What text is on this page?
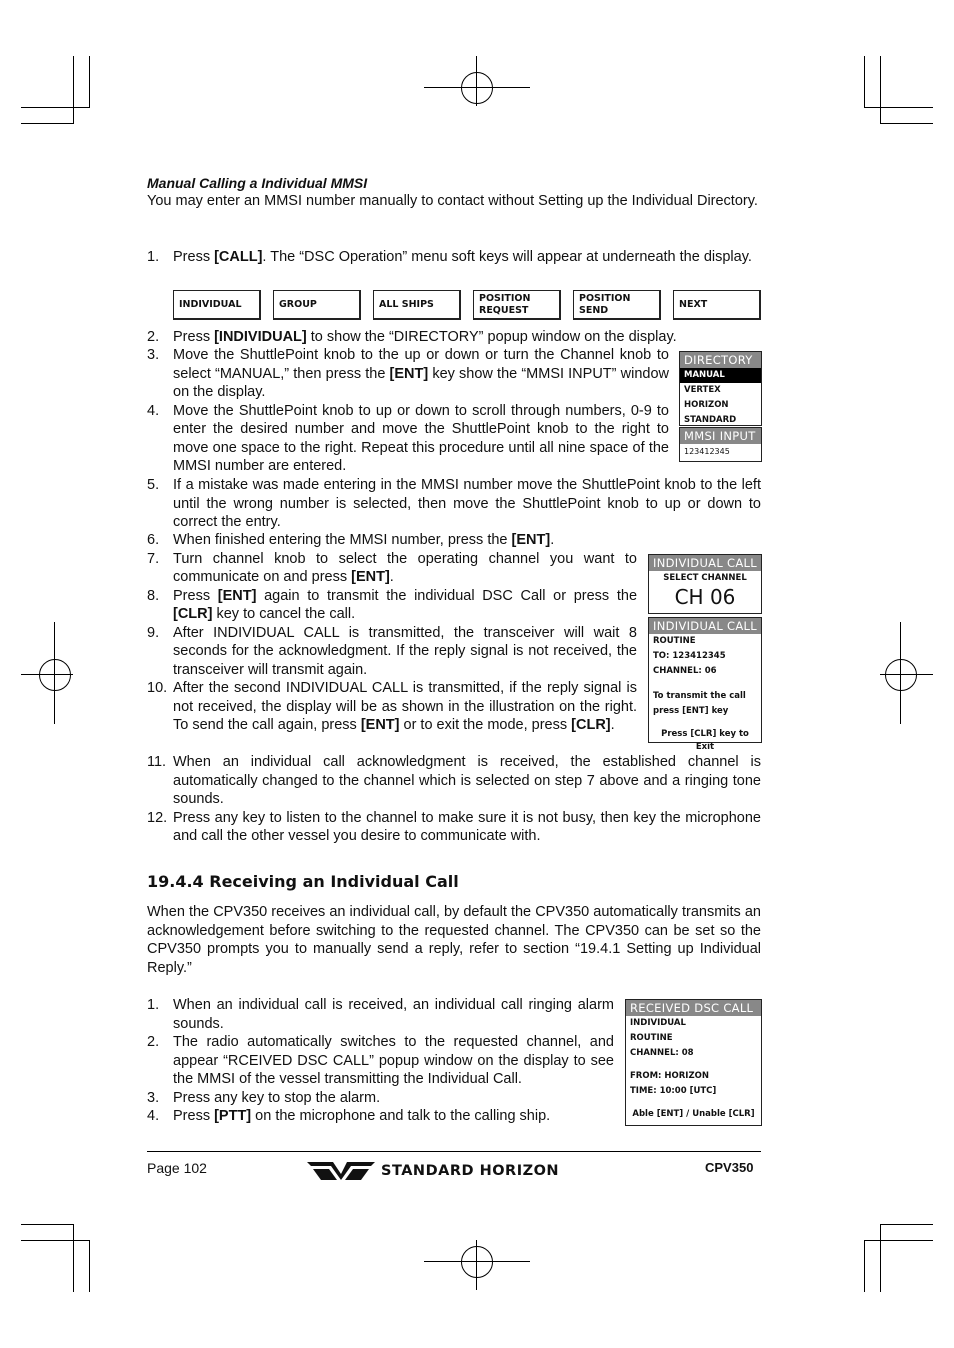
Manual Calling a Individual MMSI
You may enter an MMSI number manually to contact without Setting up the Individual Directory.
1. Press [CALL]. The “DSC Operation” menu soft keys will appear at underneath the display.
INDIVIDUAL	GROUP	ALL SHIPS
POSITION
REQUEST
POSITION
SEND
NEXT
2. Press [INDIVIDUAL] to show the “DIRECTORY” popup window on the display.
3. Move the ShuttlePoint knob to the up or down or turn the Channel knob to select “MANUAL,” then press the [ENT] key show the “MMSI INPUT” window on the display.
4. Move the ShuttlePoint knob to up or down to scroll through numbers, 0-9 to enter the desired number and move the ShuttlePoint knob to the right to move one space to the right. Repeat this procedure until all nine space of the MMSI number are entered.
5. If a mistake was made entering in the MMSI number move the ShuttlePoint knob to the left until the wrong number is selected, then move the ShuttlePoint knob to up or down to correct the entry.
6. When finished entering the MMSI number, press the [ENT].
7. Turn channel knob to select the operating channel you want to communicate on and press [ENT].
8. Press [ENT] again to transmit the individual DSC Call or press the [CLR] key to cancel the call.
9. After INDIVIDUAL CALL is transmitted, the transceiver will wait 8 seconds for the acknowledgment. If the reply signal is not received, the transceiver will transmit again.
10. After the second INDIVIDUAL CALL is transmitted, if the reply signal is not received, the display will be as shown in the illustration on the right. To send the call again, press [ENT] or to exit the mode, press [CLR].
11. When an individual call acknowledgment is received, the established channel is automatically changed to the channel which is selected on step 7 above and a ringing tone sounds.
12. Press any key to listen to the channel to make sure it is not busy, then key the microphone and call the other vessel you desire to communicate with.
DIRECTORY
MANUAL
VERTEX
HORIZON
STANDARD
MMSI INPUT
123412345
INDIVIDUAL CALL
SELECT CHANNEL
CH 06
INDIVIDUAL CALL
ROUTINE
TO: 123412345
CHANNEL: 06
To transmit the call
press [ENT] key
Press [CLR] key to Exit
19.4.4 Receiving an Individual Call
When the CPV350 receives an individual call, by default the CPV350 automatically transmits an acknowledgement before switching to the requested channel. The CPV350 can be set so the CPV350 prompts you to manually send a reply, refer to section “19.4.1 Setting up Individual Reply.”
1. When an individual call is received, an individual call ringing alarm sounds.
2. The radio automatically switches to the requested channel, and appear “RCEIVED DSC CALL” popup window on the display to see the MMSI of the vessel transmitting the Individual Call.
3. Press any key to stop the alarm.
4. Press [PTT] on the microphone and talk to the calling ship.
RECEIVED DSC CALL
INDIVIDUAL
ROUTINE
CHANNEL: 08
FROM: HORIZON
TIME: 10:00 [UTC]
Able [ENT] / Unable [CLR]
Page 102	STANDARD HORIZON	CPV350
